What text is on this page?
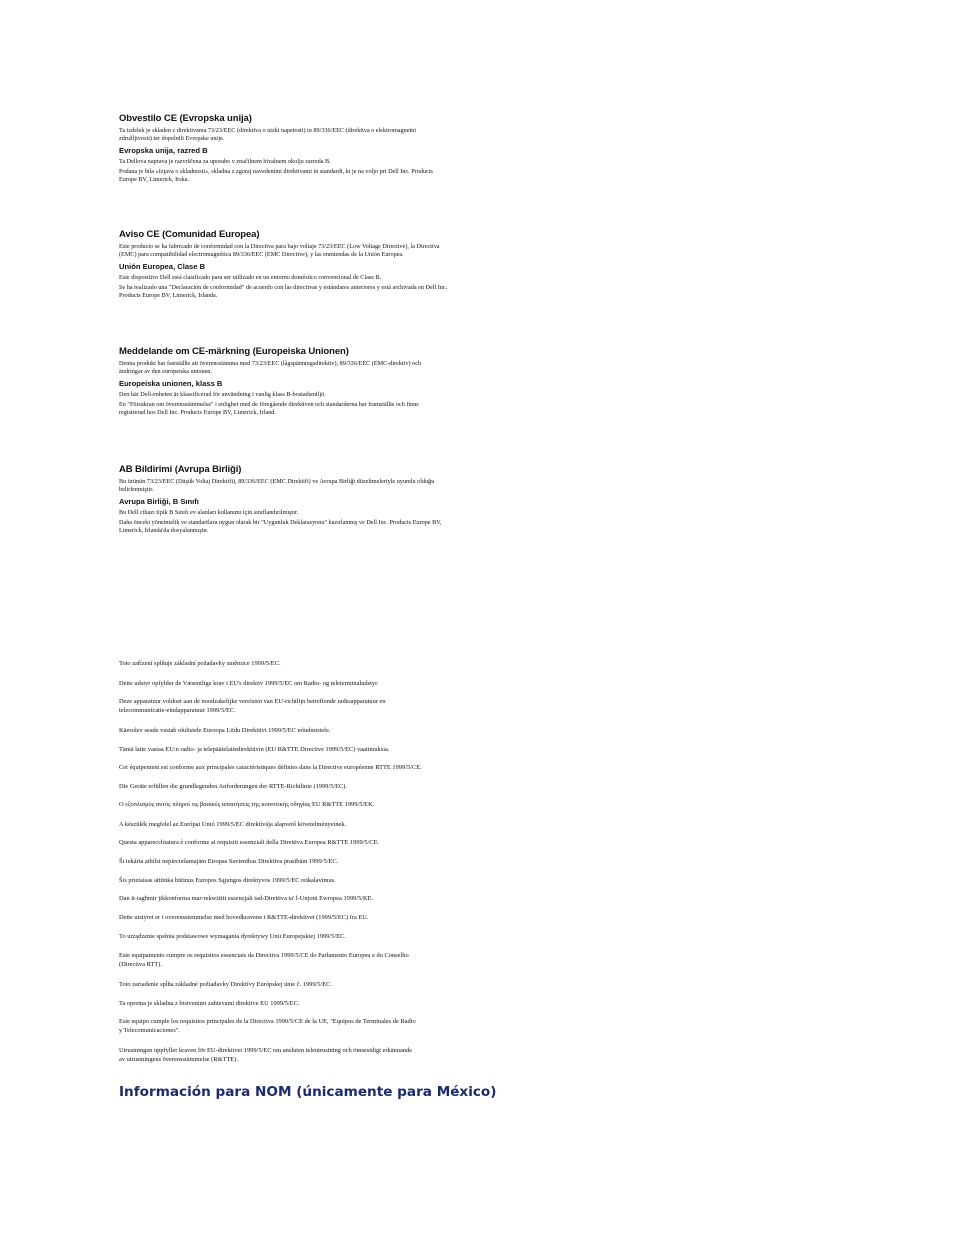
Obvestilo CE (Evropska unija)
Ta izdelek je skladen z direktivama 73/23/EEC (direktiva o nizki napetosti) in 89/336/EEC (direktiva o elektromagnetni
združljivosti) ter dopolnili Evropske unije.
Evropska unija, razred B
Ta Dellova naprava je razvrščena za uporabo v značilnem bivalnem okolju razreda B.
Podana je bila »Izjava o skladnosti«, skladna z zgoraj navedenimi direktivami in standardi, ki je na voljo pri Dell Inc. Products
Europe BV, Limerick, Irska.
Aviso CE (Comunidad Europea)
Este producto se ha fabricado de conformidad con la Directiva para bajo voltaje 73/23/EEC (Low Voltage Directive), la Directiva
(EMC) para compatibilidad electromagnética 89/336/EEC (EMC Directive), y las enmiendas de la Unión Europea.
Unión Europea, Clase B
Este dispositivo Dell está clasificado para ser utilizado en un entorno doméstico convencional de Clase B.
Se ha realizado una "Declaración de conformidad" de acuerdo con las directivas y estándares anteriores y está archivada en Dell Inc.
Products Europe BV, Limerick, Irlanda.
Meddelande om CE-märkning (Europeiska Unionen)
Denna produkt har fastställts att överensstämma med 73/23/EEC (lågspänningsdirektiv), 89/336/EEC (EMC-direktiv) och
ändringar av den europeiska unionen.
Europeiska unionen, klass B
Den här Dell-enheten är klassificerad för användning i vanlig klass B-bostadsmiljö.
En "Försäkran om överensstämmelse" i enlighet med de föregående direktiven och standarderna har framställts och finns
registrerad hos Dell Inc. Products Europe BV, Limerick, Irland.
AB Bildirimi (Avrupa Birliği)
Bu ürünün 73/23/EEC (Düşük Voltaj Direktifi), 89/336/EEC (EMC Direktifi) ve Avrupa Birliği düzeltmeleriyle uyumlu olduğu
belirlenmiştir.
Avrupa Birliği, B Sınıfı
Bu Dell cihazı tipik B Sınıfı ev alanları kullanımı için sınıflandırılmıştır.
Daha önceki yönetmelik ve standartlara uygun olarak bir "Uygunluk Deklarasyonu" hazırlanmış ve Dell Inc. Products Europe BV,
Limerick, İrlanda'da dosyalanmıştır.
Toto zařízení splňuje základní požadavky směrnice 1999/5/EC.
Dette udstyr opfylder de Væsentlige krav i EU's direktiv 1999/5/EC om Radio- og teleterminaludstyr.
Deze apparatuur voldoet aan de noodzakelijke vereisten van EU-richtlijn betreffende radioapparatuur en
telecommunicatie-eindapparatuur 1999/5/EC.
Käesolev seade vastab olulistele Euroopa Liidu Direktiivi 1999/5/EC nõudmistele.
Tämä laite vastaa EU:n radio- ja telepäätelaitedirektiivin (EU R&TTE Directive 1999/5/EC) vaatimuksia.
Cet équipement est conforme aux principales caractéristiques définies dans la Directive européenne RTTE 1999/5/CE.
Die Geräte erfüllen die grundlegenden Anforderungen der RTTE-Richtlinie (1999/5/EC).
Ο εξοπλισμός αυτός πληροί τις βασικές απαιτήσεις της κοινοτικής οδηγίας EU R&TTE 1999/5/ΕΚ.
A készülék megfelel az Európai Unió 1999/5/EC direktívája alapvető követelményeinek.
Questa apparecchiatura è conforme ai requisiti essenziali della Direttiva Europea R&TTE 1999/5/CE.
Šī iekārta atbilst nepieciešamajām Eiropas Savienības Direktīva prasībām 1999/5/EC.
Šis prietaisas atitinka būtinus Europos Sąjungos direktyvos 1999/5/EC reikalavimus.
Dan it-tagħmir jikkonforma mar-rekwiżiti essenzjali tad-Direttiva ta' l-Unjoni Ewropea 1999/5/KE.
Dette utstyret er i overensstemmelse med hovedkravene i R&TTE-direktivet (1999/5/EC) fra EU.
To urządzenie spełnia podstawowe wymagania dyrektywy Unii Europejskiej 1999/5/EC.
Este equipamento cumpre os requisitos essenciais da Directiva 1999/5/CE do Parlamento Europeu e do Conselho
(Directiva RTT).
Toto zariadenie spĺňa základné požiadavky Direktívy Európskej únie č. 1999/5/EC.
Ta oprema je skladna z bistvenimi zahtevami direktive EU 1999/5/EC.
Este equipo cumple los requisitos principales de la Directiva 1999/5/CE de la UE, "Equipos de Terminales de Radio
y Telecomunicaciones".
Utrustningen uppfyller kraven för EU-direktivet 1999/5/EC om ansluten teleutrustning och ömsesidigt erkännande
av utrustningens överensstämmelse (R&TTE).
Información para NOM (únicamente para México)
